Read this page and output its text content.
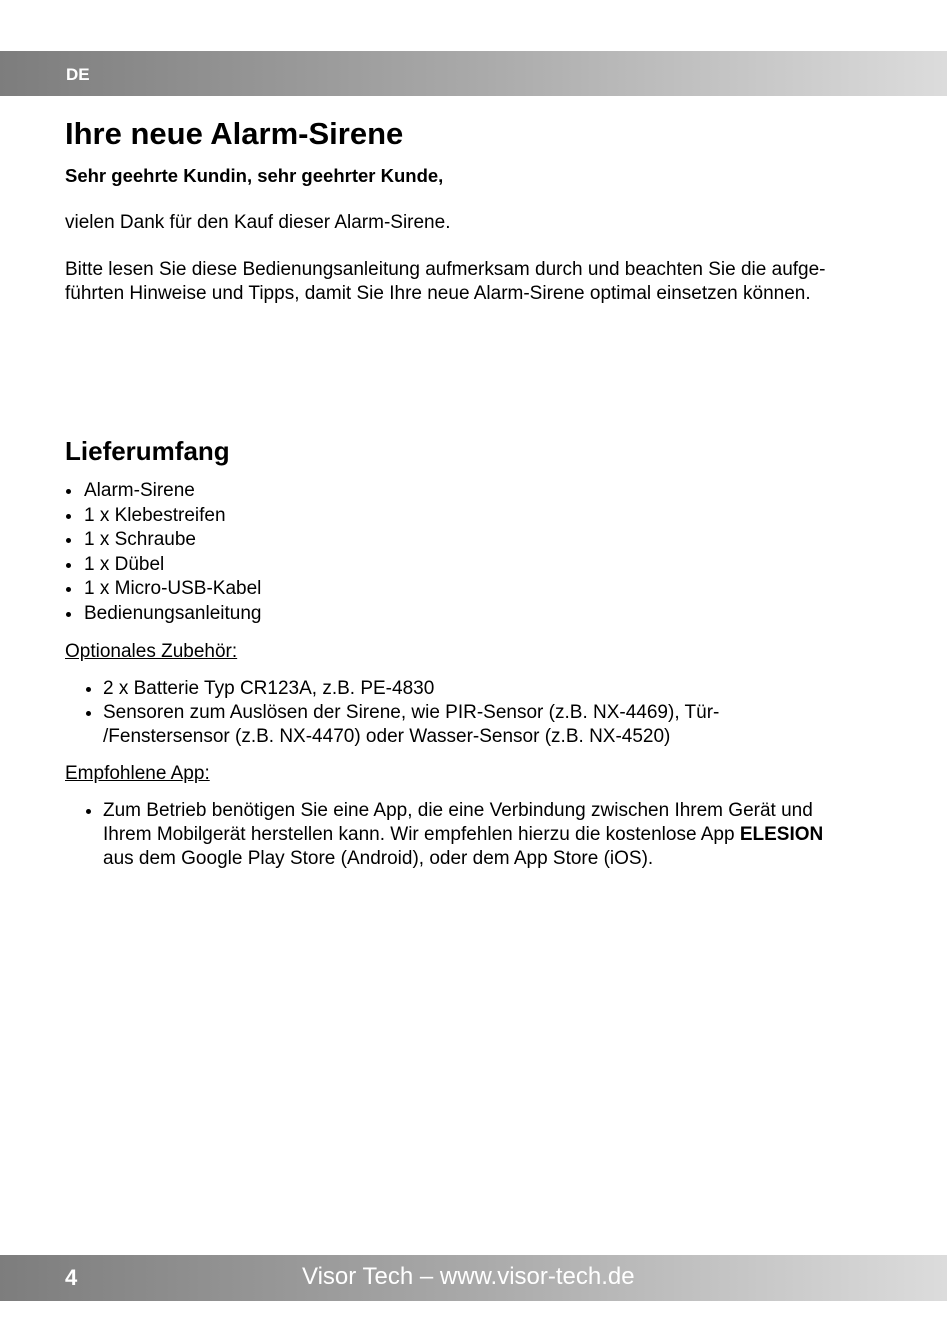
DE
Ihre neue Alarm-Sirene

Sehr geehrte Kundin, sehr geehrter Kunde,

vielen Dank für den Kauf dieser Alarm-Sirene.

Bitte lesen Sie diese Bedienungsanleitung aufmerksam durch und beachten Sie die aufge-
führten Hinweise und Tipps, damit Sie Ihre neue Alarm-Sirene optimal einsetzen können.

Lieferumfang
Alarm-Sirene
1 x Klebestreifen
1 x Schraube
1 x Dübel
1 x Micro-USB-Kabel
Bedienungsanleitung

Optionales Zubehör:

2 x Batterie Typ CR123A, z.B. PE-4830
Sensoren zum Auslösen der Sirene, wie PIR-Sensor (z.B. NX-4469), Tür-
/Fenstersensor (z.B. NX-4470) oder Wasser-Sensor (z.B. NX-4520)

Empfohlene App:

Zum Betrieb benötigen Sie eine App, die eine Verbindung zwischen Ihrem Gerät und
Ihrem Mobilgerät herstellen kann. Wir empfehlen hierzu die kostenlose App ELESION
aus dem Google Play Store (Android), oder dem App Store (iOS).
4	Visor Tech – www.visor-tech.de
